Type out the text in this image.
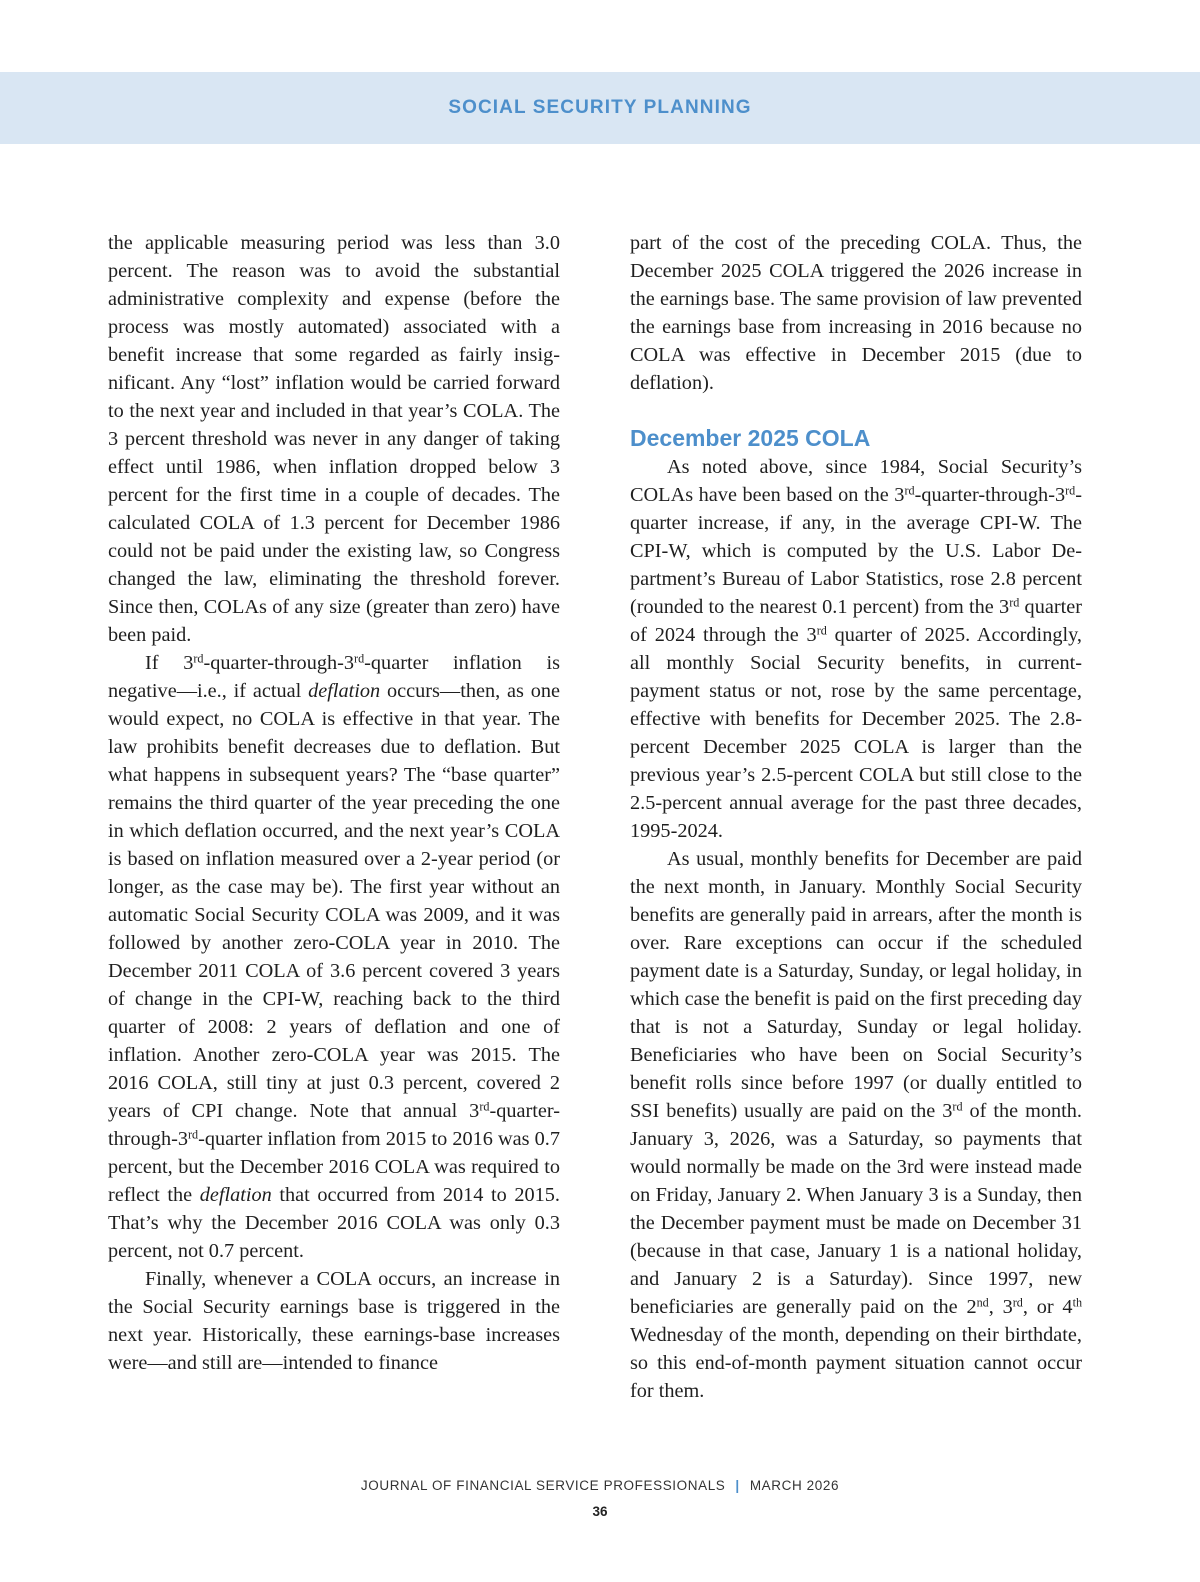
SOCIAL SECURITY PLANNING

the applicable measuring period was less than 3.0 percent. The reason was to avoid the substantial administrative complexity and expense (before the process was mostly automated) associated with a benefit increase that some regarded as fairly insignificant. Any “lost” inflation would be carried forward to the next year and included in that year’s COLA. The 3 percent threshold was never in any danger of taking effect until 1986, when inflation dropped below 3 percent for the first time in a couple of decades. The calculated COLA of 1.3 percent for December 1986 could not be paid under the existing law, so Congress changed the law, eliminating the threshold forever. Since then, COLAs of any size (greater than zero) have been paid.

If 3rd-quarter-through-3rd-quarter inflation is negative—i.e., if actual deflation occurs—then, as one would expect, no COLA is effective in that year. The law prohibits benefit decreases due to deflation. But what happens in subsequent years? The “base quarter” remains the third quarter of the year preceding the one in which deflation occurred, and the next year’s COLA is based on inflation measured over a 2-year period (or longer, as the case may be). The first year without an automatic Social Security COLA was 2009, and it was followed by another zero-COLA year in 2010. The December 2011 COLA of 3.6 percent covered 3 years of change in the CPI-W, reaching back to the third quarter of 2008: 2 years of deflation and one of inflation. Another zero-COLA year was 2015. The 2016 COLA, still tiny at just 0.3 percent, covered 2 years of CPI change. Note that annual 3rd-quarter-through-3rd-quarter inflation from 2015 to 2016 was 0.7 percent, but the December 2016 COLA was required to reflect the deflation that occurred from 2014 to 2015. That’s why the December 2016 COLA was only 0.3 percent, not 0.7 percent.

Finally, whenever a COLA occurs, an increase in the Social Security earnings base is triggered in the next year. Historically, these earnings-base increases were—and still are—intended to finance

part of the cost of the preceding COLA. Thus, the December 2025 COLA triggered the 2026 increase in the earnings base. The same provision of law prevented the earnings base from increasing in 2016 because no COLA was effective in December 2015 (due to deflation).

December 2025 COLA

As noted above, since 1984, Social Security’s COLAs have been based on the 3rd-quarter-through-3rd-quarter increase, if any, in the average CPI-W. The CPI-W, which is computed by the U.S. Labor Department’s Bureau of Labor Statistics, rose 2.8 percent (rounded to the nearest 0.1 percent) from the 3rd quarter of 2024 through the 3rd quarter of 2025. Accordingly, all monthly Social Security benefits, in current-payment status or not, rose by the same percentage, effective with benefits for December 2025. The 2.8-percent December 2025 COLA is larger than the previous year’s 2.5-percent COLA but still close to the 2.5-percent annual average for the past three decades, 1995-2024.

As usual, monthly benefits for December are paid the next month, in January. Monthly Social Security benefits are generally paid in arrears, after the month is over. Rare exceptions can occur if the scheduled payment date is a Saturday, Sunday, or legal holiday, in which case the benefit is paid on the first preceding day that is not a Saturday, Sunday or legal holiday. Beneficiaries who have been on Social Security’s benefit rolls since before 1997 (or dually entitled to SSI benefits) usually are paid on the 3rd of the month. January 3, 2026, was a Saturday, so payments that would normally be made on the 3rd were instead made on Friday, January 2. When January 3 is a Sunday, then the December payment must be made on December 31 (because in that case, January 1 is a national holiday, and January 2 is a Saturday). Since 1997, new beneficiaries are generally paid on the 2nd, 3rd, or 4th Wednesday of the month, depending on their birthdate, so this end-of-month payment situation cannot occur for them.

JOURNAL OF FINANCIAL SERVICE PROFESSIONALS | MARCH 2026
36
